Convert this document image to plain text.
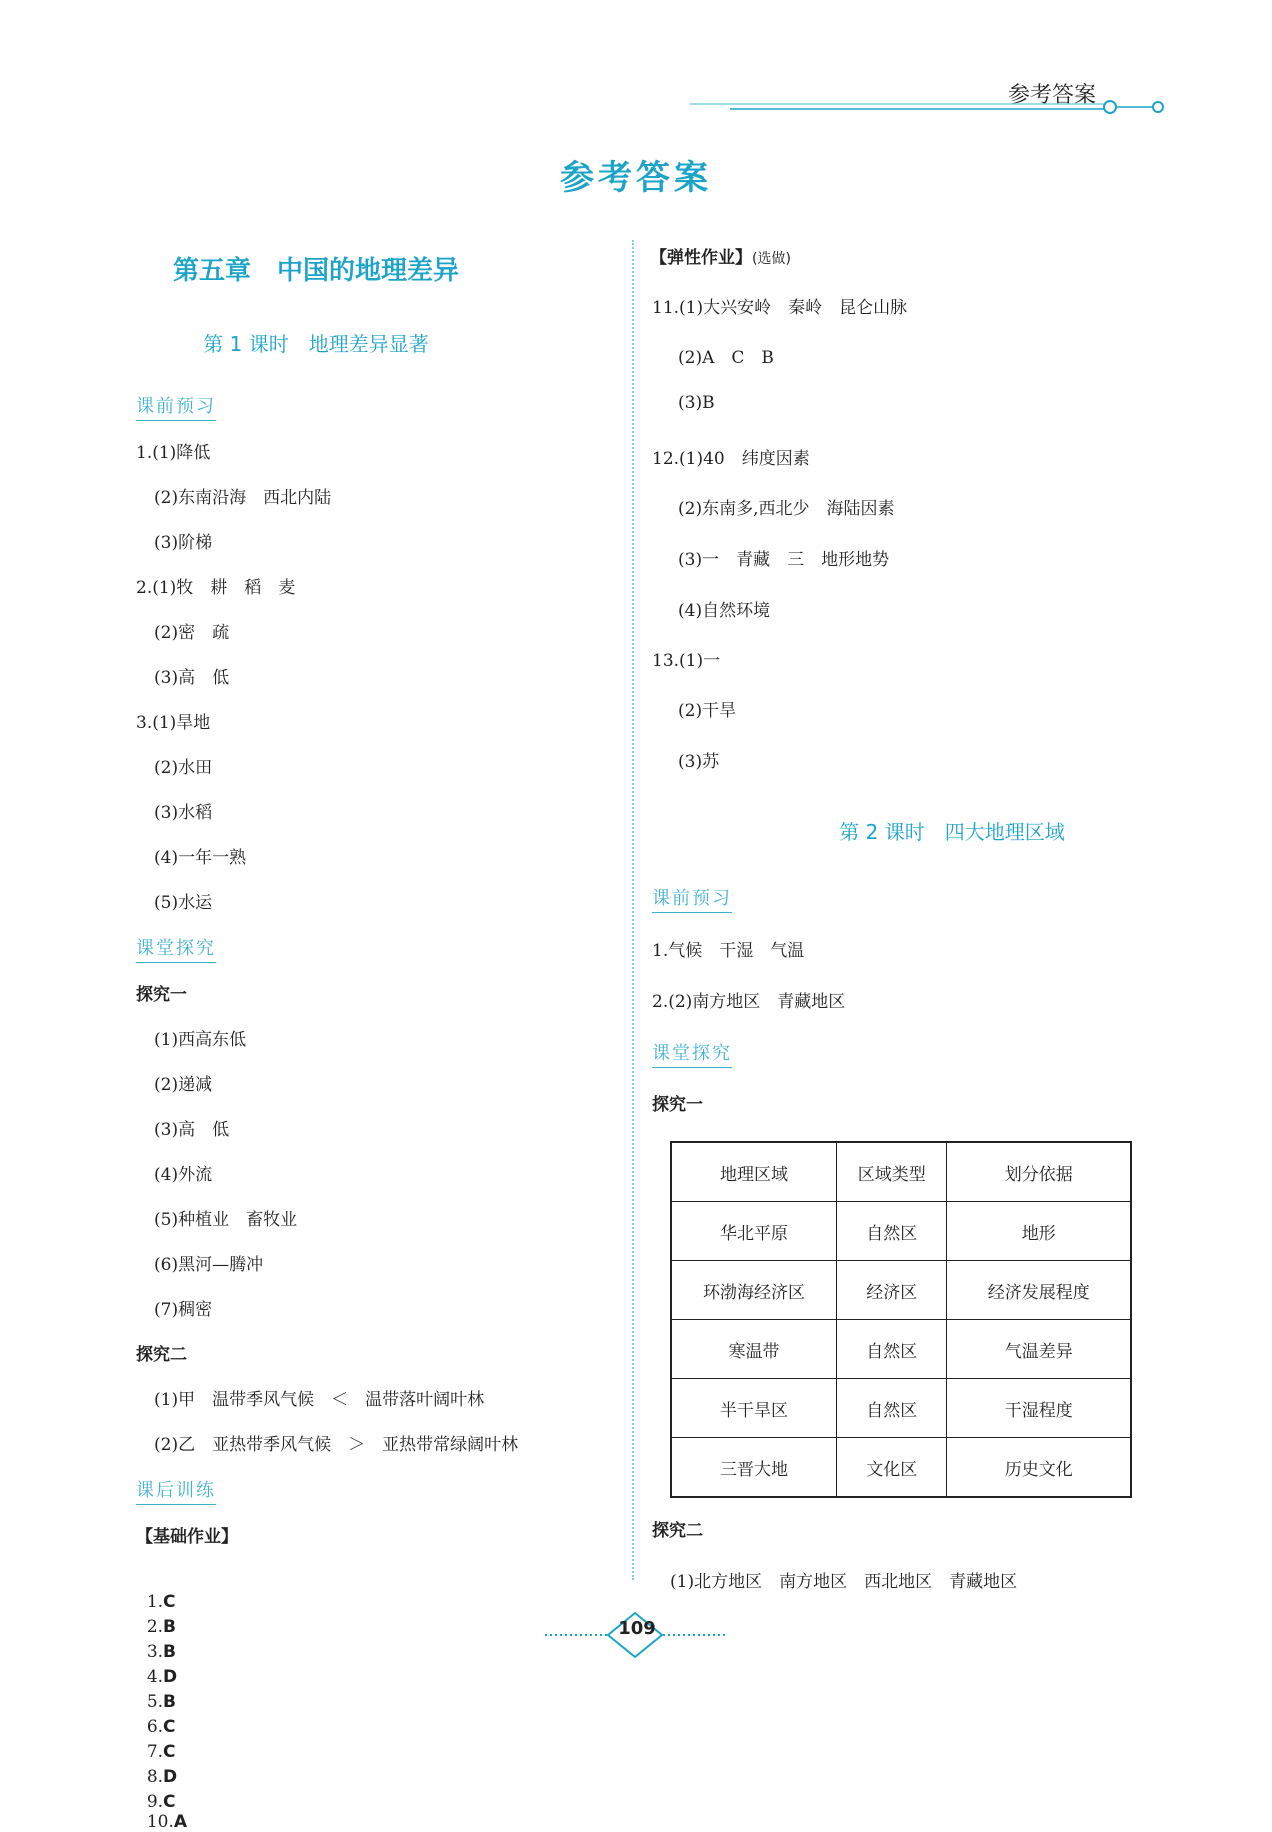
参考答案
参考答案
第五章　中国的地理差异
第 1 课时　地理差异显著
课前预习
1.(1)降低
(2)东南沿海　西北内陆
(3)阶梯
2.(1)牧　耕　稻　麦
(2)密　疏
(3)高　低
3.(1)旱地
(2)水田
(3)水稻
(4)一年一熟
(5)水运
课堂探究
探究一
(1)西高东低
(2)递减
(3)高　低
(4)外流
(5)种植业　畜牧业
(6)黑河—腾冲
(7)稠密
探究二
(1)甲　温带季风气候　＜　温带落叶阔叶林
(2)乙　亚热带季风气候　＞　亚热带常绿阔叶林
课后训练
【基础作业】

1.C　
2.B　
3.B　
4.D　
5.B　
6.C　
7.C　
8.D　
9.C　
10.A

【弹性作业】(选做)
11.(1)大兴安岭　秦岭　昆仑山脉
(2)A　C　B
(3)B
12.(1)40　纬度因素
(2)东南多,西北少　海陆因素
(3)一　青藏　三　地形地势
(4)自然环境
13.(1)一
(2)干旱
(3)苏
第 2 课时　四大地理区域
课前预习
1.气候　干湿　气温
2.(2)南方地区　青藏地区
课堂探究
探究一
地理区域	区域类型	划分依据
华北平原	自然区	地形
环渤海经济区	经济区	经济发展程度
寒温带	自然区	气温差异
半干旱区	自然区	干湿程度
三晋大地	文化区	历史文化
探究二
(1)北方地区　南方地区　西北地区　青藏地区
109
